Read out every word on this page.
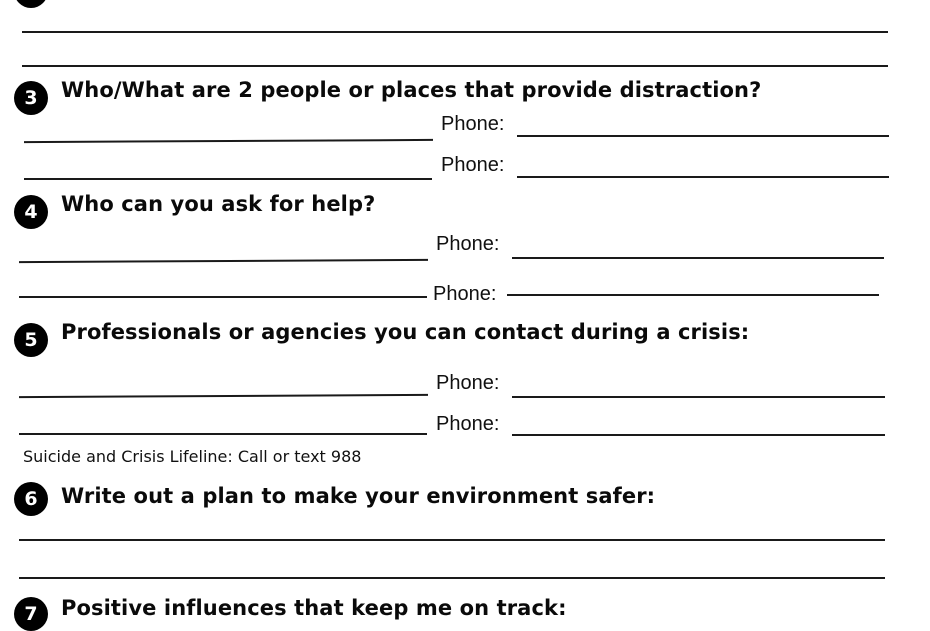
3	Who/What are 2 people or places that provide distraction?
Phone:
Phone:
4	Who can you ask for help?
Phone:
Phone:
5	Professionals or agencies you can contact during a crisis:
Phone:
Phone:
Suicide and Crisis Lifeline: Call or text 988
6	Write out a plan to make your environment safer:
7	Positive influences that keep me on track:
